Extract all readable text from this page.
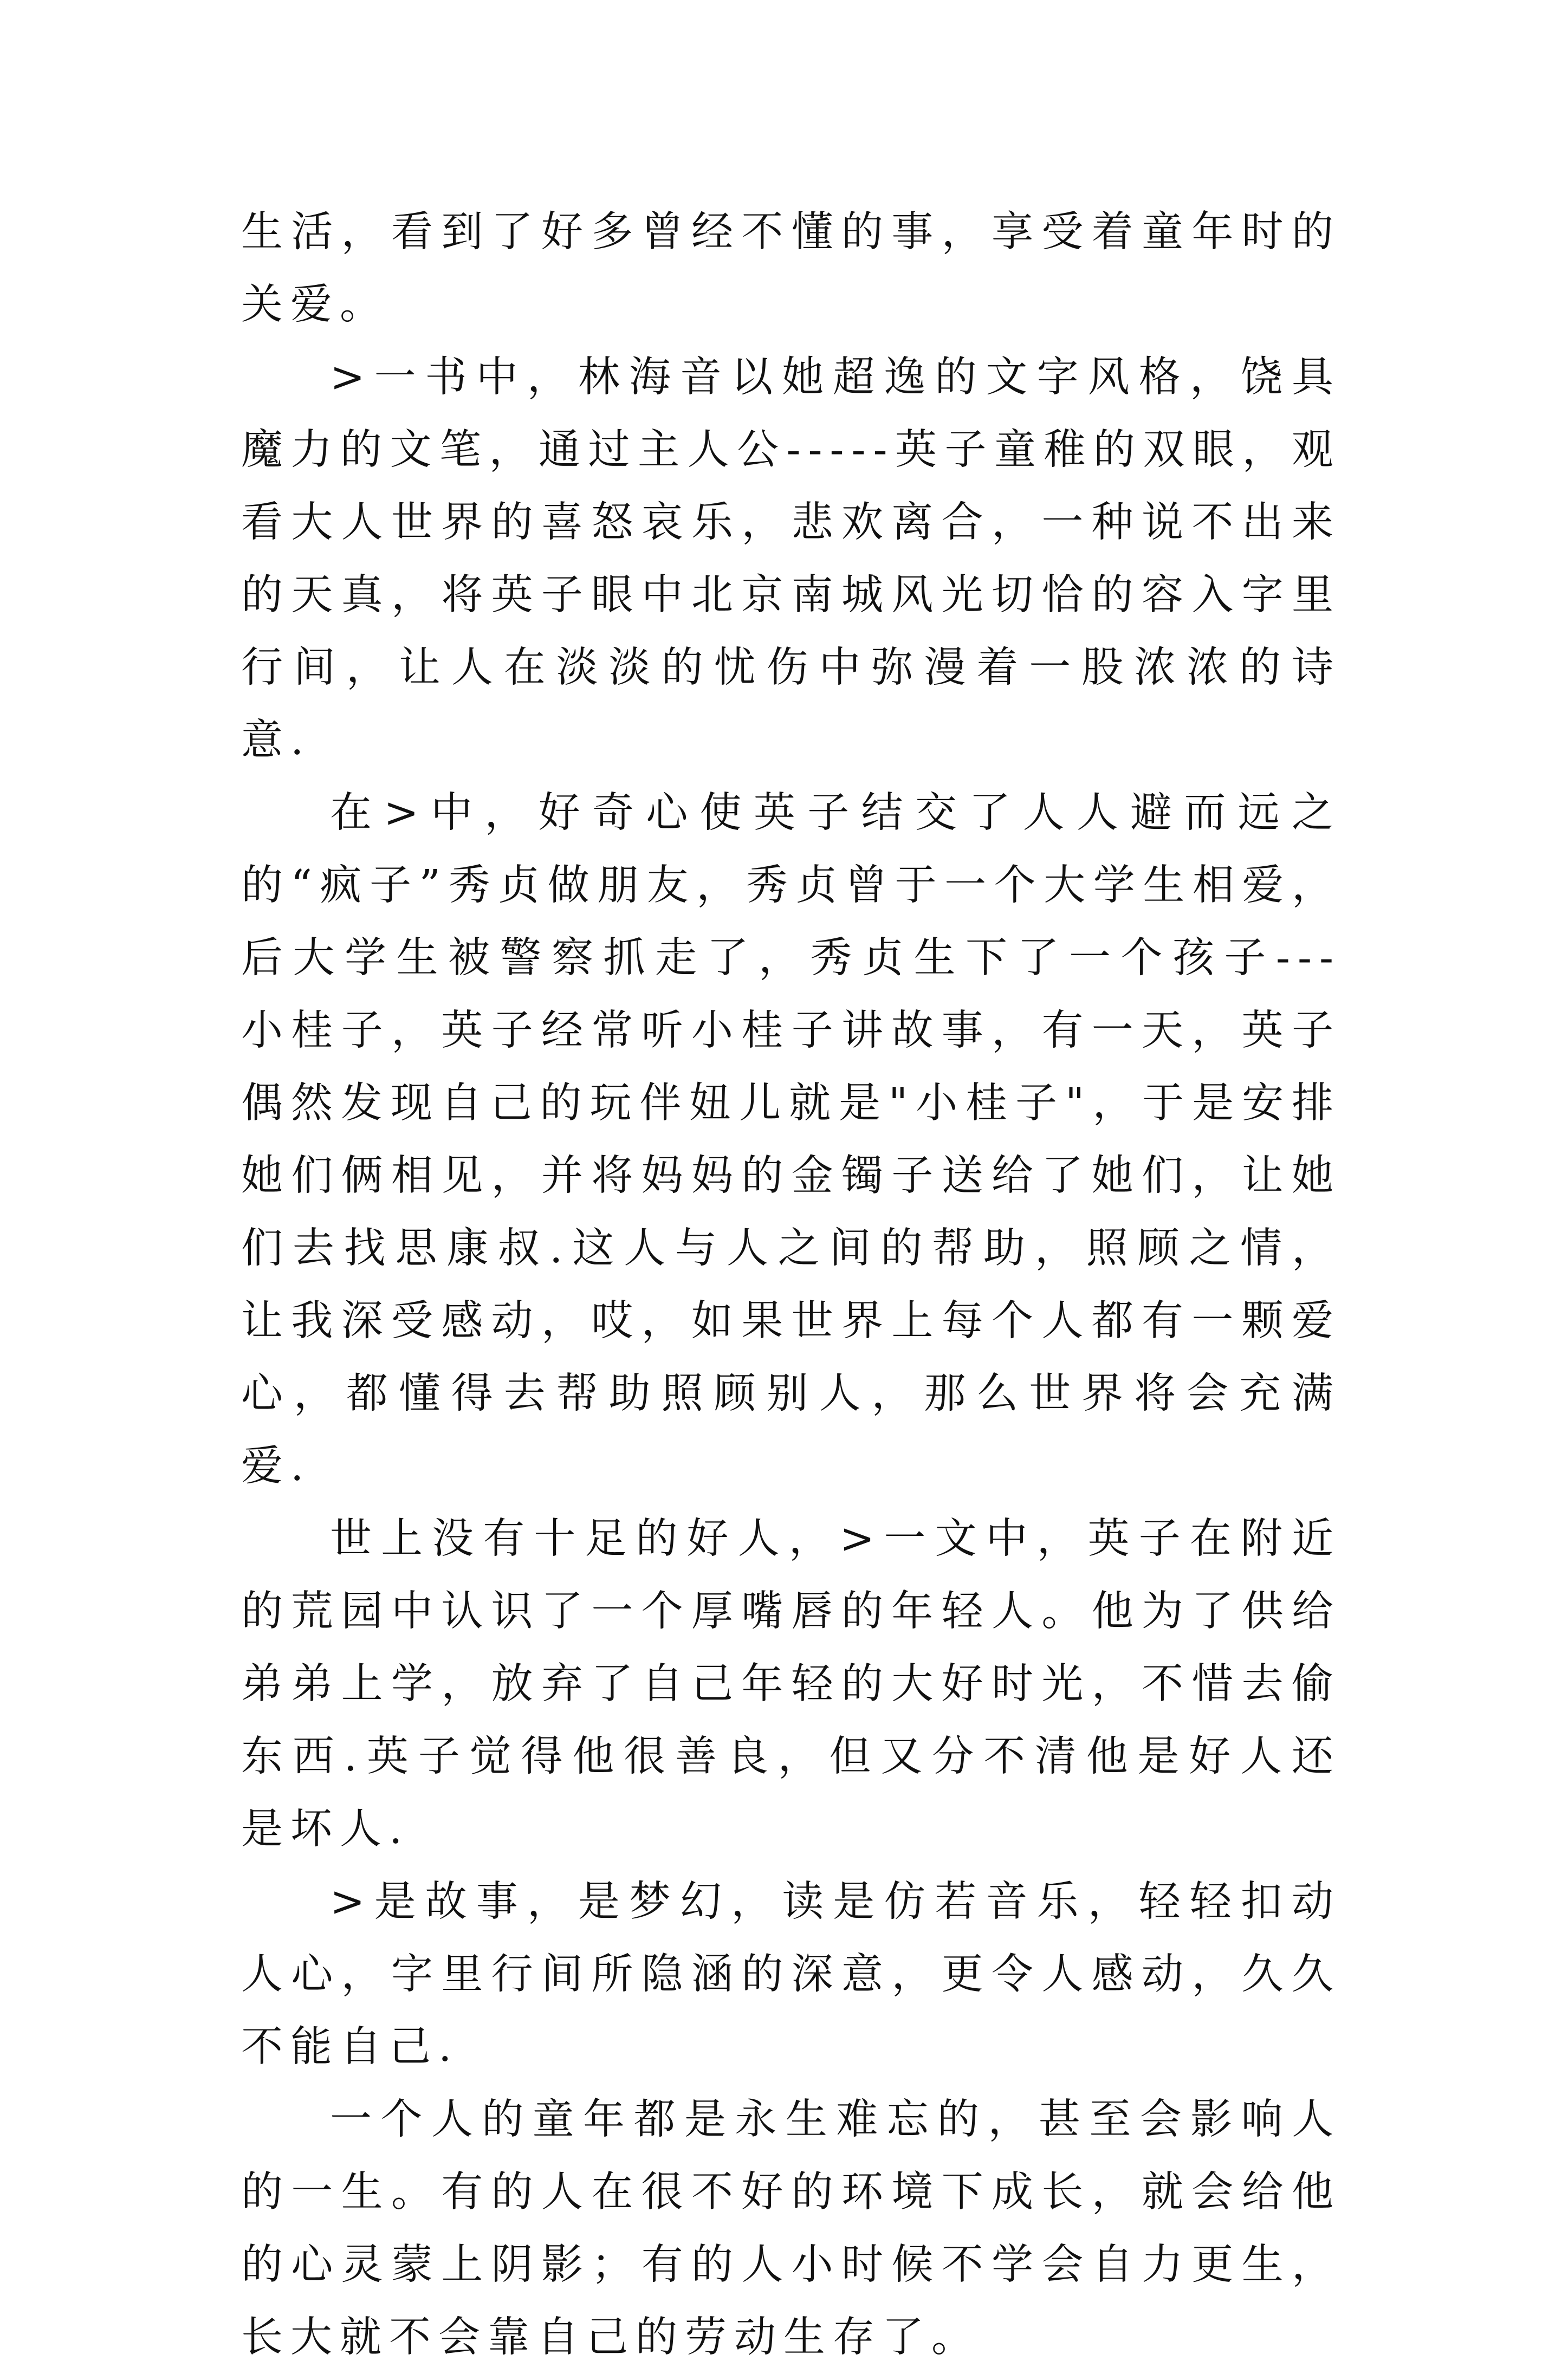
生活，看到了好多曾经不懂的事，享受着童年时的关爱。

>一书中，林海音以她超逸的文字风格，饶具魔力的文笔，通过主人公-----英子童稚的双眼，观看大人世界的喜怒哀乐，悲欢离合，一种说不出来的天真，将英子眼中北京南城风光切恰的容入字里行间，让人在淡淡的忧伤中弥漫着一股浓浓的诗意.

在>中，好奇心使英子结交了人人避而远之的“疯子”秀贞做朋友，秀贞曾于一个大学生相爱，后大学生被警察抓走了，秀贞生下了一个孩子---小桂子，英子经常听小桂子讲故事，有一天，英子偶然发现自己的玩伴妞儿就是"小桂子"，于是安排她们俩相见，并将妈妈的金镯子送给了她们，让她们去找思康叔.这人与人之间的帮助，照顾之情，让我深受感动，哎，如果世界上每个人都有一颗爱心，都懂得去帮助照顾别人，那么世界将会充满爱.

世上没有十足的好人，>一文中，英子在附近的荒园中认识了一个厚嘴唇的年轻人。他为了供给弟弟上学，放弃了自己年轻的大好时光，不惜去偷东西.英子觉得他很善良，但又分不清他是好人还是坏人.

>是故事，是梦幻，读是仿若音乐，轻轻扣动人心，字里行间所隐涵的深意，更令人感动，久久不能自己.

一个人的童年都是永生难忘的，甚至会影响人的一生。有的人在很不好的环境下成长，就会给他的心灵蒙上阴影；有的人小时候不学会自力更生，长大就不会靠自己的劳动生存了。
